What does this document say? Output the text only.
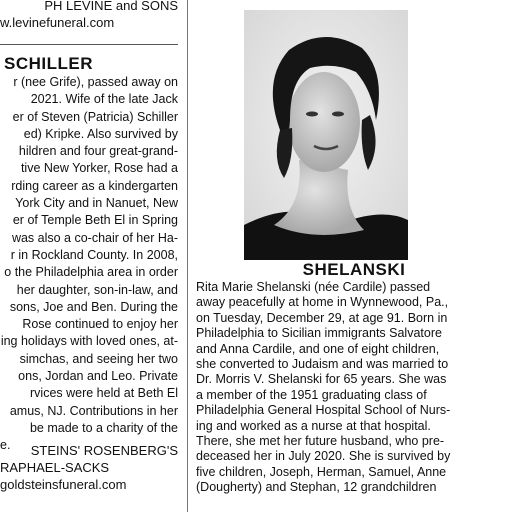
PH LEVINE and SONS
w.levinefuneral.com
SCHILLER
r (nee Grife), passed away on
2021. Wife of the late Jack
er of Steven (Patricia) Schiller
ed) Kripke. Also survived by
hildren and four great-grand-
tive New Yorker, Rose had a
rding career as a kindergarten
York City and in Nanuet, New
er of Temple Beth El in Spring
was also a co-chair of her Ha-
r in Rockland County. In 2008,
o the Philadelphia area in order
her daughter, son-in-law, and
sons, Joe and Ben. During the
Rose continued to enjoy her
ing holidays with loved ones, at-
simchas, and seeing her two
ons, Jordan and Leo. Private
rvices were held at Beth El
amus, NJ. Contributions in her
be made to a charity of the
e.	STEINS' ROSENBERG'S
RAPHAEL-SACKS
goldsteinsfuneral.com
SHELANSKI
Rita Marie Shelanski (née Cardile) passed
away peacefully at home in Wynnewood, Pa.,
on Tuesday, December 29, at age 91. Born in
Philadelphia to Sicilian immigrants Salvatore
and Anna Cardile, and one of eight children,
she converted to Judaism and was married to
Dr. Morris V. Shelanski for 65 years. She was
a member of the 1951 graduating class of
Philadelphia General Hospital School of Nurs-
ing and worked as a nurse at that hospital.
There, she met her future husband, who pre-
deceased her in July 2020. She is survived by
five children, Joseph, Herman, Samuel, Anne
(Dougherty) and Stephan, 12 grandchildren
